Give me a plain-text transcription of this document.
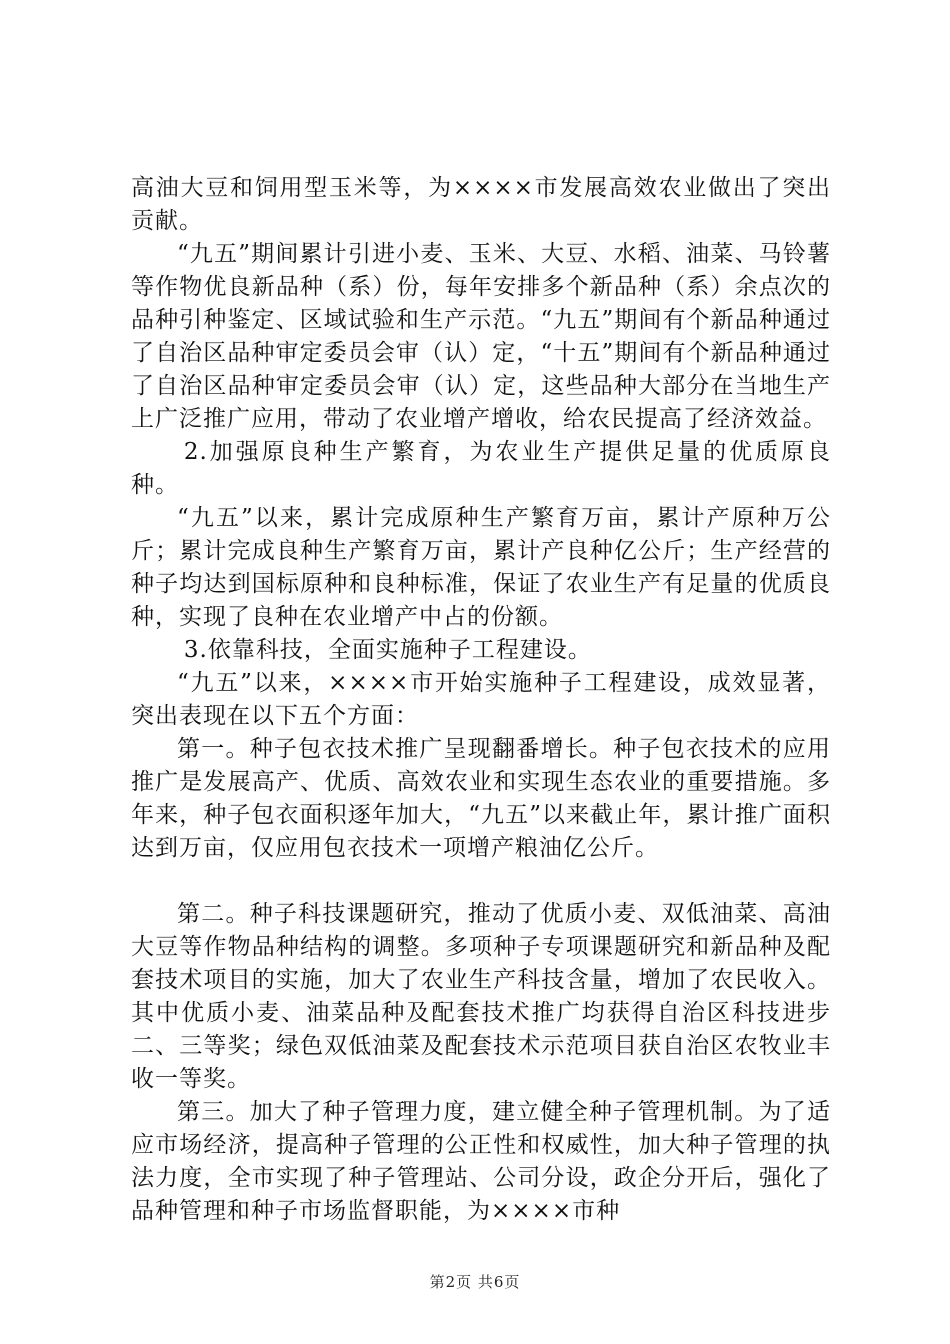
高油大豆和饲用型玉米等，为××××市发展高效农业做出了突出贡献。

“九五”期间累计引进小麦、玉米、大豆、水稻、油菜、马铃薯等作物优良新品种（系）份，每年安排多个新品种（系）余点次的品种引种鉴定、区域试验和生产示范。“九五”期间有个新品种通过了自治区品种审定委员会审（认）定，“十五”期间有个新品种通过了自治区品种审定委员会审（认）定，这些品种大部分在当地生产上广泛推广应用，带动了农业增产增收，给农民提高了经济效益。

2.加强原良种生产繁育，为农业生产提供足量的优质原良种。

“九五”以来，累计完成原种生产繁育万亩，累计产原种万公斤；累计完成良种生产繁育万亩，累计产良种亿公斤；生产经营的种子均达到国标原种和良种标准，保证了农业生产有足量的优质良种，实现了良种在农业增产中占的份额。

3.依靠科技，全面实施种子工程建设。

“九五”以来，××××市开始实施种子工程建设，成效显著，突出表现在以下五个方面：

第一。种子包衣技术推广呈现翻番增长。种子包衣技术的应用推广是发展高产、优质、高效农业和实现生态农业的重要措施。多年来，种子包衣面积逐年加大，“九五”以来截止年，累计推广面积达到万亩，仅应用包衣技术一项增产粮油亿公斤。

第二。种子科技课题研究，推动了优质小麦、双低油菜、高油大豆等作物品种结构的调整。多项种子专项课题研究和新品种及配套技术项目的实施，加大了农业生产科技含量，增加了农民收入。其中优质小麦、油菜品种及配套技术推广均获得自治区科技进步二、三等奖；绿色双低油菜及配套技术示范项目获自治区农牧业丰收一等奖。

第三。加大了种子管理力度，建立健全种子管理机制。为了适应市场经济，提高种子管理的公正性和权威性，加大种子管理的执法力度，全市实现了种子管理站、公司分设，政企分开后，强化了品种管理和种子市场监督职能，为××××市种

第2页 共6页
